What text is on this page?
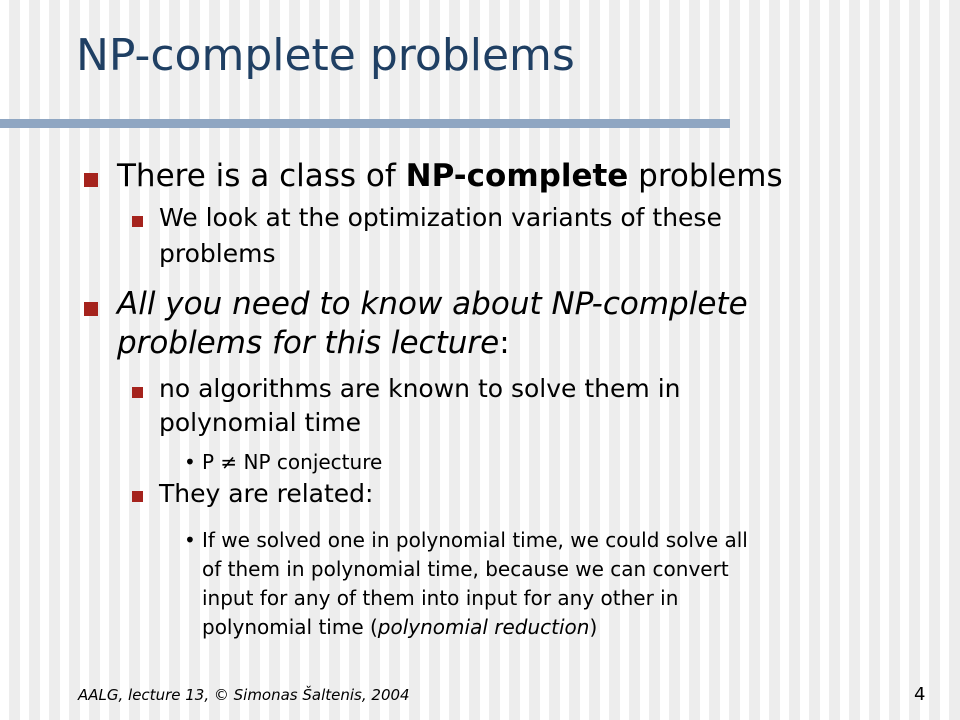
NP-complete problems
There is a class of NP-complete problems
We look at the optimization variants of these
problems
All you need to know about NP-complete
problems for this lecture:
no algorithms are known to solve them in
polynomial time
• P ≠ NP conjecture
They are related:
• If we solved one in polynomial time, we could solve all
of them in polynomial time, because we can convert
input for any of them into input for any other in
polynomial time (polynomial reduction)
AALG, lecture 13, © Simonas Šaltenis, 2004	4
